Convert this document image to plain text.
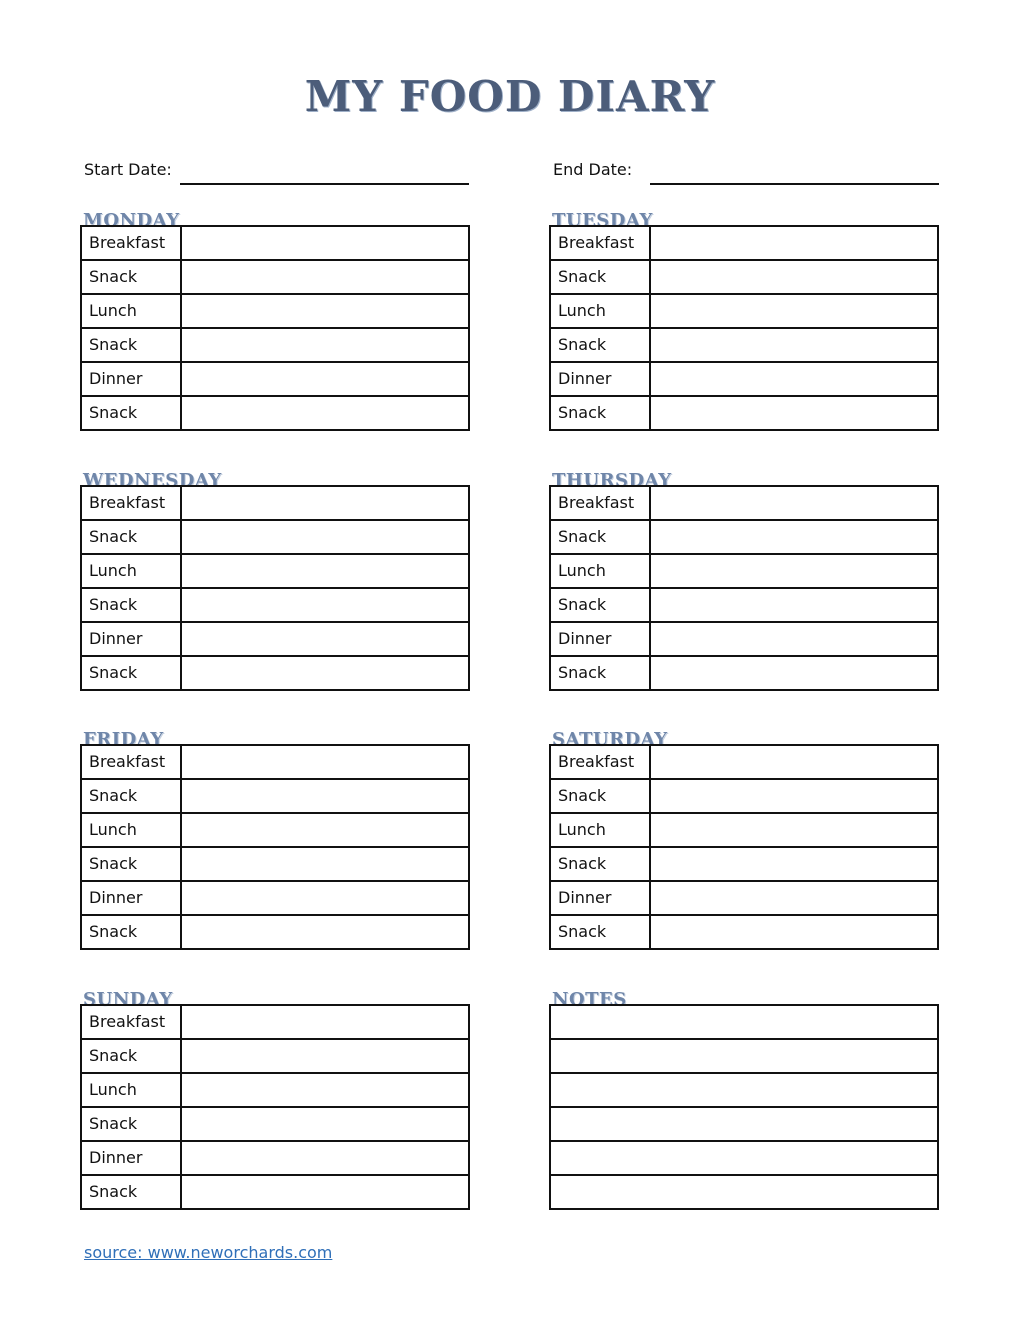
MY FOOD DIARY
Start Date:	End Date:
MONDAY
Breakfast
Snack
Lunch
Snack
Dinner
Snack
TUESDAY
Breakfast
Snack
Lunch
Snack
Dinner
Snack
WEDNESDAY
Breakfast
Snack
Lunch
Snack
Dinner
Snack
THURSDAY
Breakfast
Snack
Lunch
Snack
Dinner
Snack
FRIDAY
Breakfast
Snack
Lunch
Snack
Dinner
Snack
SATURDAY
Breakfast
Snack
Lunch
Snack
Dinner
Snack
SUNDAY
Breakfast
Snack
Lunch
Snack
Dinner
Snack
NOTES
source: www.neworchards.com
